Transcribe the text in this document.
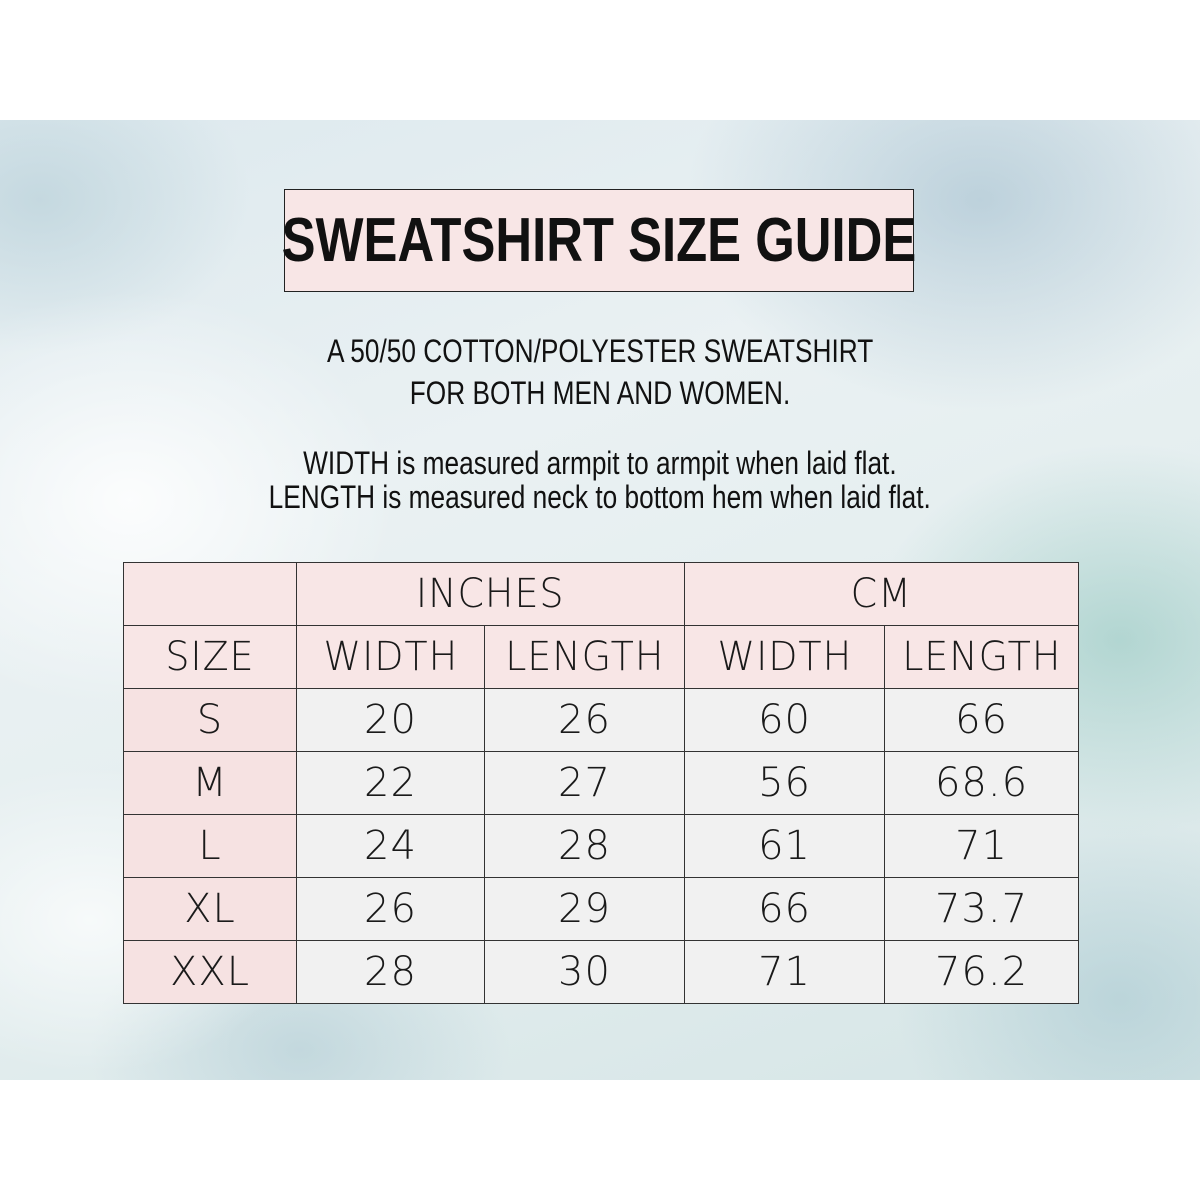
SWEATSHIRT SIZE GUIDE
A 50/50 COTTON/POLYESTER SWEATSHIRT
FOR BOTH MEN AND WOMEN.
WIDTH is measured armpit to armpit when laid flat.
LENGTH is measured neck to bottom hem when laid flat.
	INCHES		CM	
SIZE	WIDTH	LENGTH	WIDTH	LENGTH
S	20	26	60	66
M	22	27	56	68.6
L	24	28	61	71
XL	26	29	66	73.7
XXL	28	30	71	76.2
